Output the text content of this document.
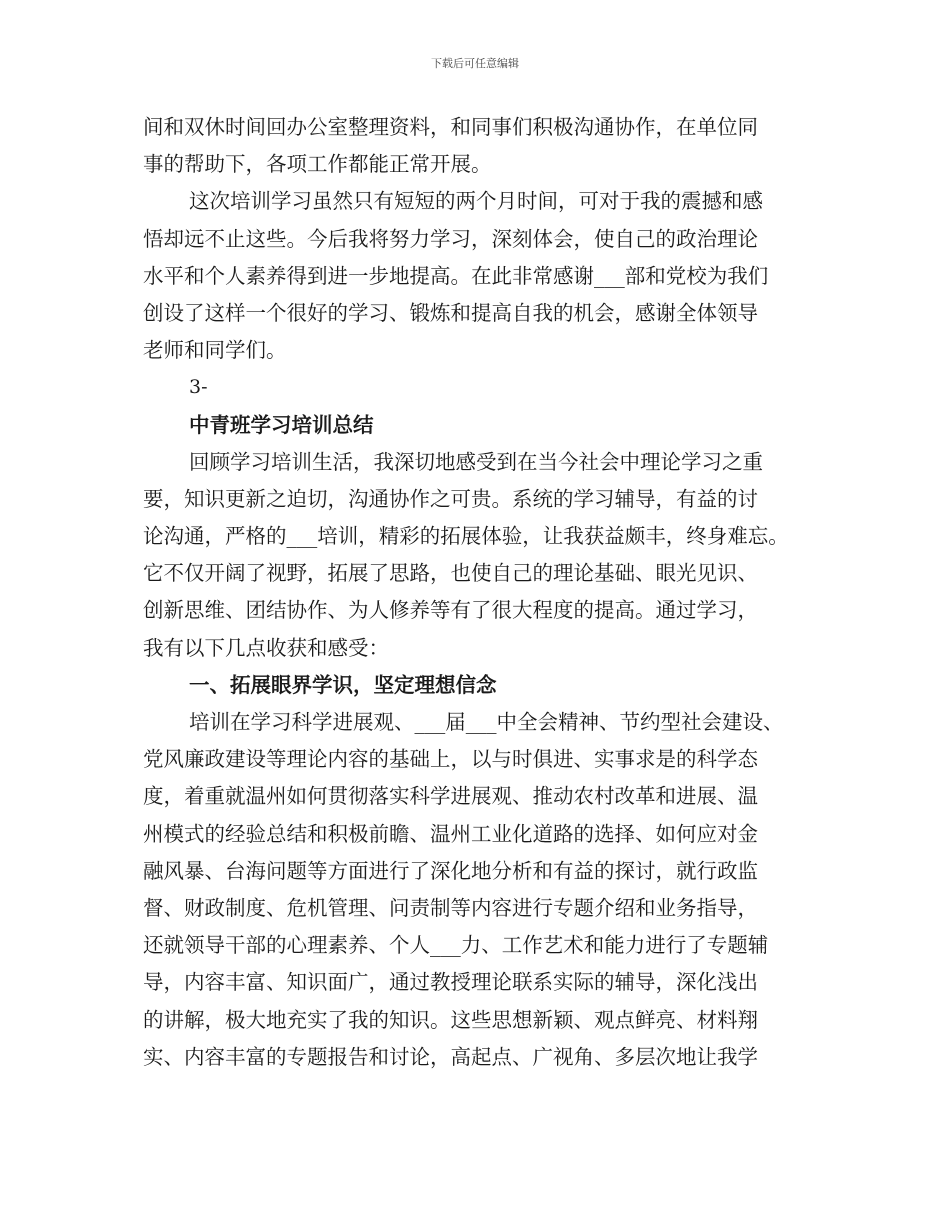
下载后可任意编辑
间和双休时间回办公室整理资料，和同事们积极沟通协作，在单位同
事的帮助下，各项工作都能正常开展。
这次培训学习虽然只有短短的两个月时间，可对于我的震撼和感
悟却远不止这些。今后我将努力学习，深刻体会，使自己的政治理论
水平和个人素养得到进一步地提高。在此非常感谢___部和党校为我们
创设了这样一个很好的学习、锻炼和提高自我的机会，感谢全体领导
老师和同学们。
3-
中青班学习培训总结
回顾学习培训生活，我深切地感受到在当今社会中理论学习之重
要，知识更新之迫切，沟通协作之可贵。系统的学习辅导，有益的讨
论沟通，严格的___培训，精彩的拓展体验，让我获益颇丰，终身难忘。
它不仅开阔了视野，拓展了思路，也使自己的理论基础、眼光见识、
创新思维、团结协作、为人修养等有了很大程度的提高。通过学习，
我有以下几点收获和感受：
一、拓展眼界学识，坚定理想信念
培训在学习科学进展观、___届___中全会精神、节约型社会建设、
党风廉政建设等理论内容的基础上，以与时俱进、实事求是的科学态
度，着重就温州如何贯彻落实科学进展观、推动农村改革和进展、温
州模式的经验总结和积极前瞻、温州工业化道路的选择、如何应对金
融风暴、台海问题等方面进行了深化地分析和有益的探讨，就行政监
督、财政制度、危机管理、问责制等内容进行专题介绍和业务指导，
还就领导干部的心理素养、个人___力、工作艺术和能力进行了专题辅
导，内容丰富、知识面广，通过教授理论联系实际的辅导，深化浅出
的讲解，极大地充实了我的知识。这些思想新颖、观点鲜亮、材料翔
实、内容丰富的专题报告和讨论，高起点、广视角、多层次地让我学
